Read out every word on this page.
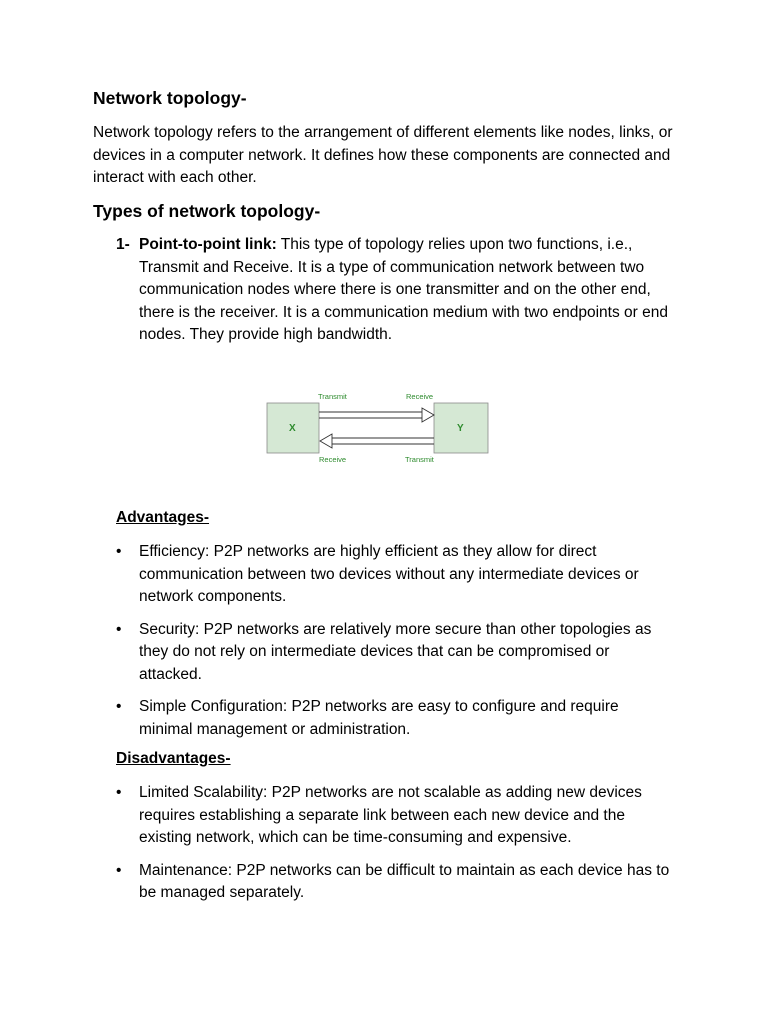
Network topology-
Network topology refers to the arrangement of different elements like nodes, links, or devices in a computer network. It defines how these components are connected and interact with each other.
Types of network topology-
1- Point-to-point link: This type of topology relies upon two functions, i.e., Transmit and Receive. It is a type of communication network between two communication nodes where there is one transmitter and on the other end, there is the receiver. It is a communication medium with two endpoints or end nodes. They provide high bandwidth.
Transmit	Receive
X	Y
Receive	Transmit
Advantages-
• Efficiency: P2P networks are highly efficient as they allow for direct communication between two devices without any intermediate devices or network components.
• Security: P2P networks are relatively more secure than other topologies as they do not rely on intermediate devices that can be compromised or attacked.
• Simple Configuration: P2P networks are easy to configure and require minimal management or administration.
Disadvantages-
• Limited Scalability: P2P networks are not scalable as adding new devices requires establishing a separate link between each new device and the existing network, which can be time-consuming and expensive.
• Maintenance: P2P networks can be difficult to maintain as each device has to be managed separately.
